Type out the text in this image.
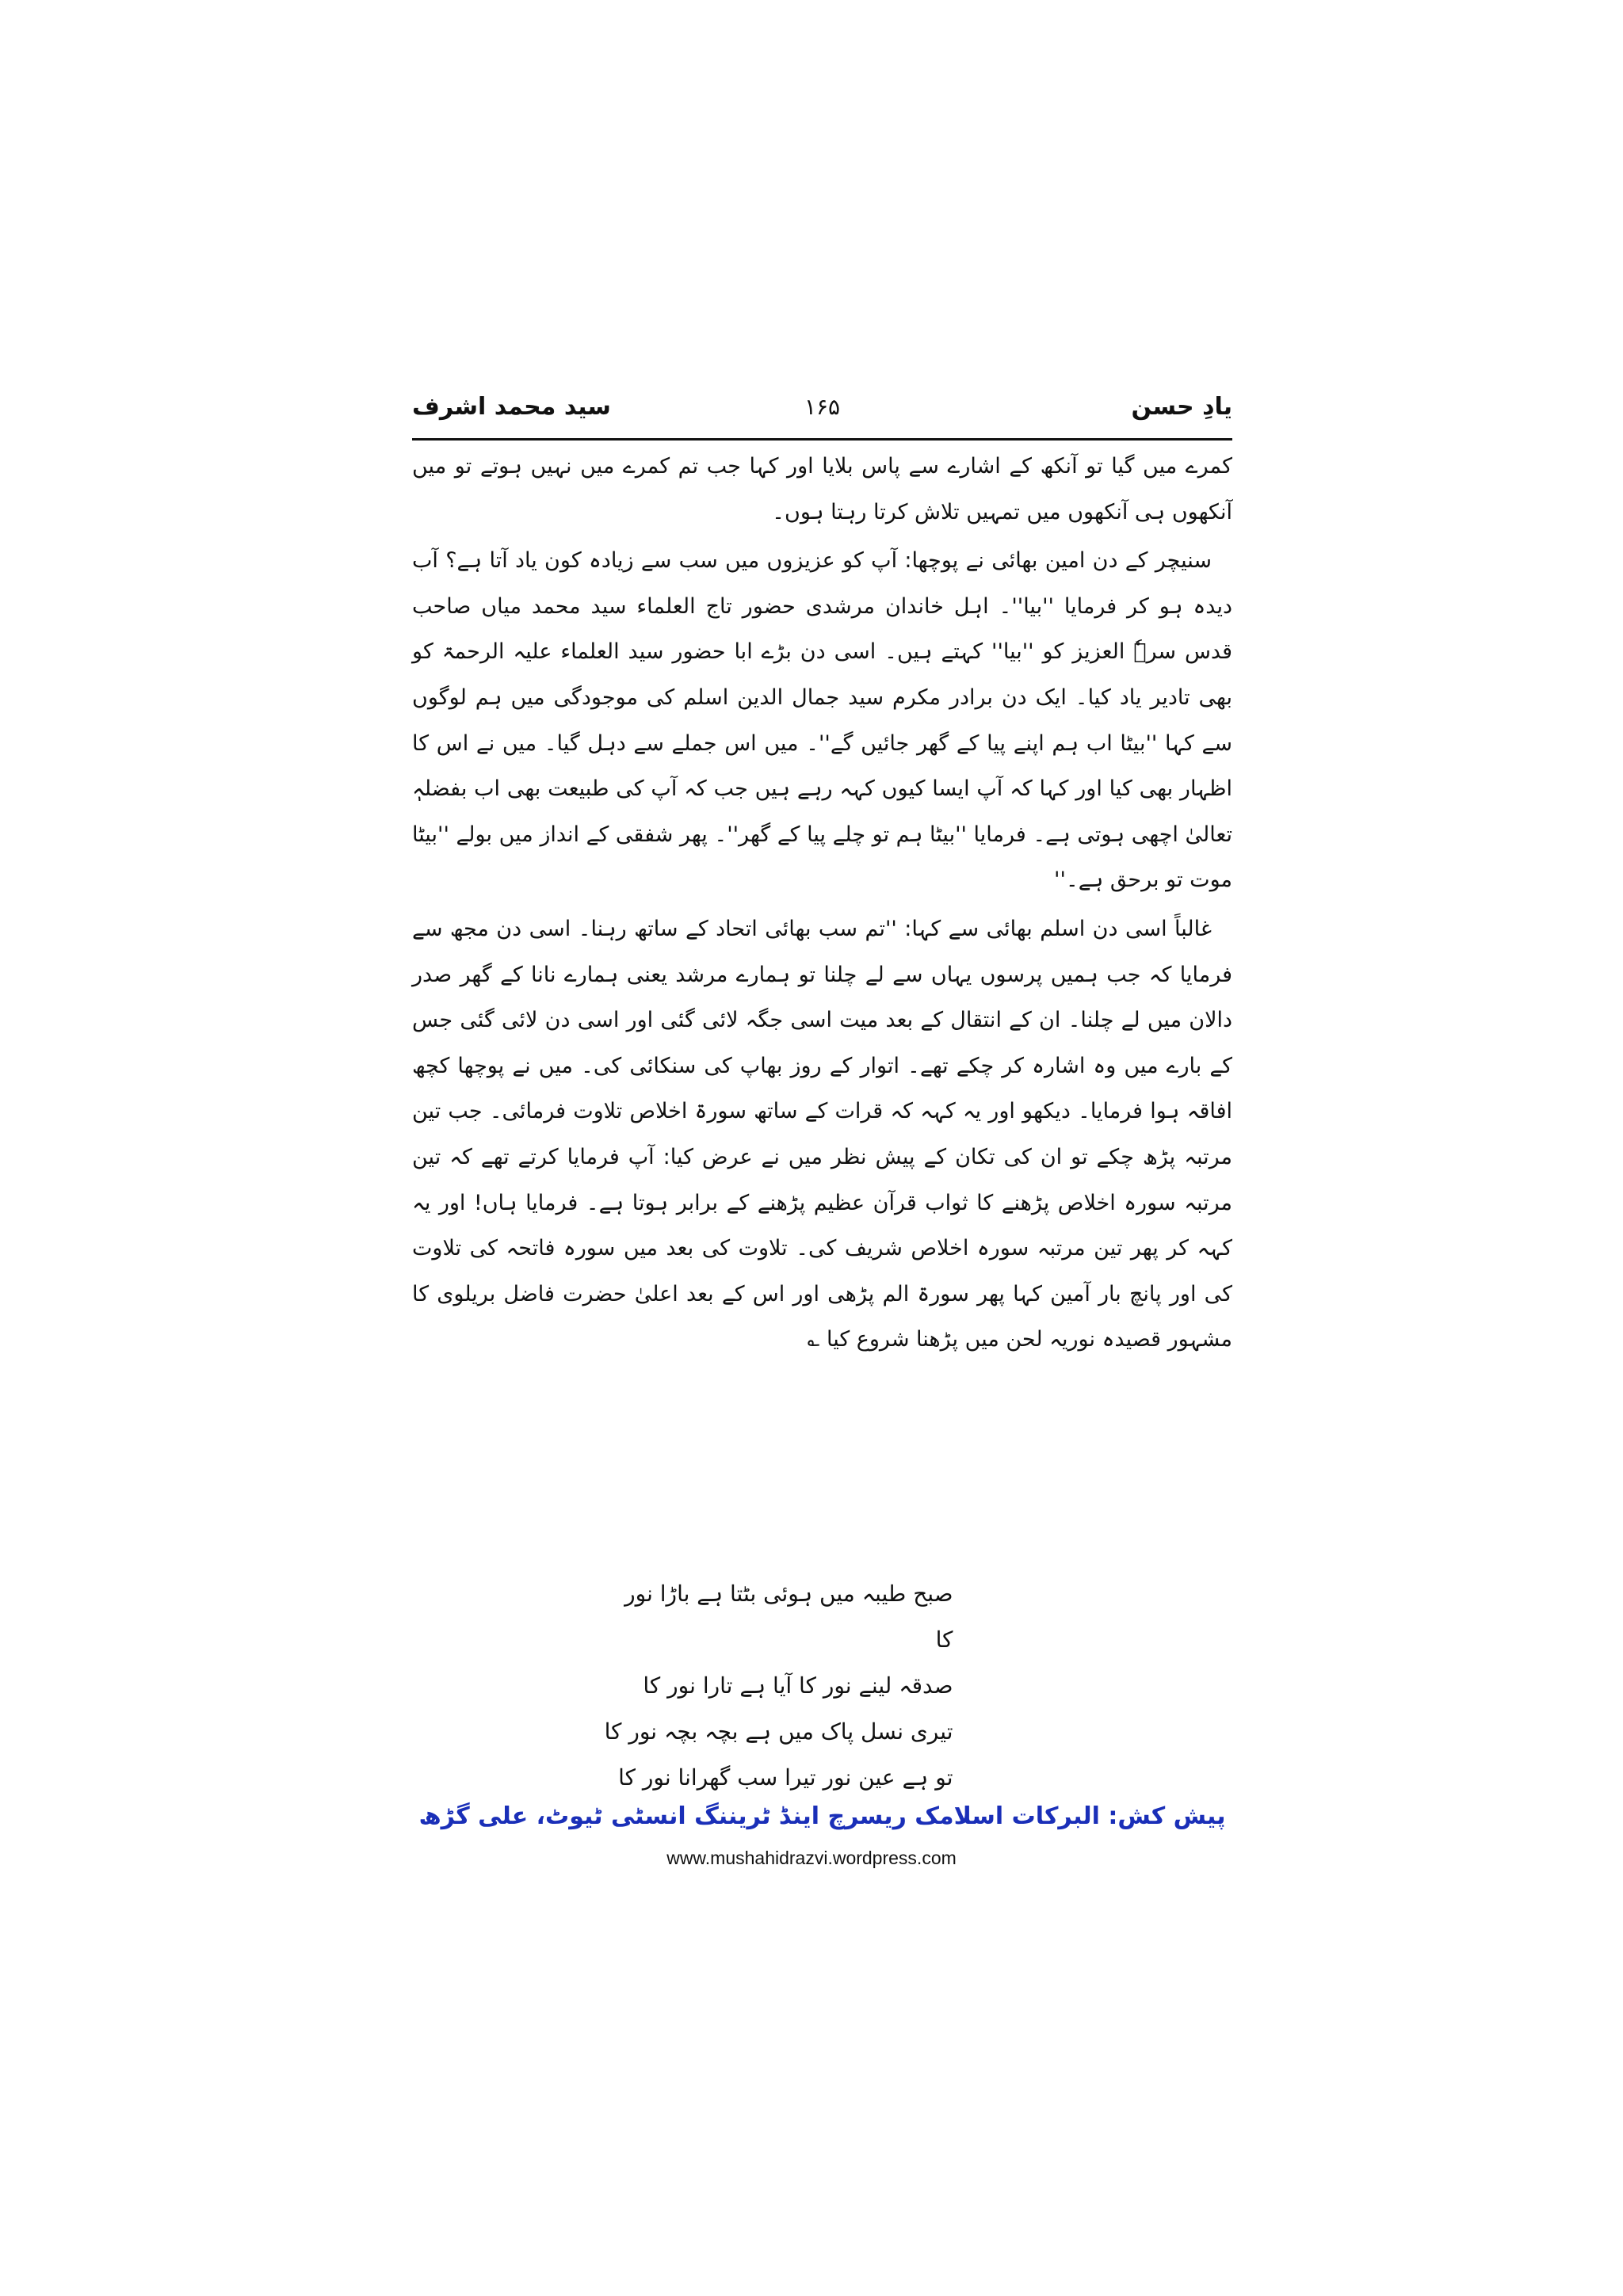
یادِ حسن
۱۶۵
سید محمد اشرف

کمرے میں گیا تو آنکھ کے اشارے سے پاس بلایا اور کہا جب تم کمرے میں نہیں ہوتے تو میں آنکھوں ہی آنکھوں میں تمہیں تلاش کرتا رہتا ہوں۔

سنیچر کے دن امین بھائی نے پوچھا: آپ کو عزیزوں میں سب سے زیادہ کون یاد آتا ہے؟ آب دیدہ ہو کر فرمایا ''بیا''۔ اہل خاندان مرشدی حضور تاج العلماء سید محمد میاں صاحب قدس سرہٗ العزیز کو ''بیا'' کہتے ہیں۔ اسی دن بڑے ابا حضور سید العلماء علیہ الرحمۃ کو بھی تادیر یاد کیا۔ ایک دن برادر مکرم سید جمال الدین اسلم کی موجودگی میں ہم لوگوں سے کہا ''بیٹا اب ہم اپنے پیا کے گھر جائیں گے''۔ میں اس جملے سے دہل گیا۔ میں نے اس کا اظہار بھی کیا اور کہا کہ آپ ایسا کیوں کہہ رہے ہیں جب کہ آپ کی طبیعت بھی اب بفضلہٖ تعالیٰ اچھی ہوتی ہے۔ فرمایا ''بیٹا ہم تو چلے پیا کے گھر''۔ پھر شفقی کے انداز میں بولے ''بیٹا موت تو برحق ہے۔''

غالباً اسی دن اسلم بھائی سے کہا: ''تم سب بھائی اتحاد کے ساتھ رہنا۔ اسی دن مجھ سے فرمایا کہ جب ہمیں پرسوں یہاں سے لے چلنا تو ہمارے مرشد یعنی ہمارے نانا کے گھر صدر دالان میں لے چلنا۔ ان کے انتقال کے بعد میت اسی جگہ لائی گئی اور اسی دن لائی گئی جس کے بارے میں وہ اشارہ کر چکے تھے۔ اتوار کے روز بھاپ کی سنکائی کی۔ میں نے پوچھا کچھ افاقہ ہوا فرمایا۔ دیکھو اور یہ کہہ کہ قرات کے ساتھ سورۃ اخلاص تلاوت فرمائی۔ جب تین مرتبہ پڑھ چکے تو ان کی تکان کے پیش نظر میں نے عرض کیا: آپ فرمایا کرتے تھے کہ تین مرتبہ سورہ اخلاص پڑھنے کا ثواب قرآن عظیم پڑھنے کے برابر ہوتا ہے۔ فرمایا ہاں! اور یہ کہہ کر پھر تین مرتبہ سورہ اخلاص شریف کی۔ تلاوت کی بعد میں سورہ فاتحہ کی تلاوت کی اور پانچ بار آمین کہا پھر سورۃ الم پڑھی اور اس کے بعد اعلیٰ حضرت فاضل بریلوی کا مشہور قصیدہ نوریہ لحن میں پڑھنا شروع کیا ؎

صبح طیبہ میں ہوئی بٹتا ہے باڑا نور کا
صدقہ لینے نور کا آیا ہے تارا نور کا
تیری نسل پاک میں ہے بچہ بچہ نور کا
تو ہے عین نور تیرا سب گھرانا نور کا
پیش کش: البرکات اسلامک ریسرچ اینڈ ٹریننگ انسٹی ٹیوٹ، علی گڑھ
www.mushahidrazvi.wordpress.com
